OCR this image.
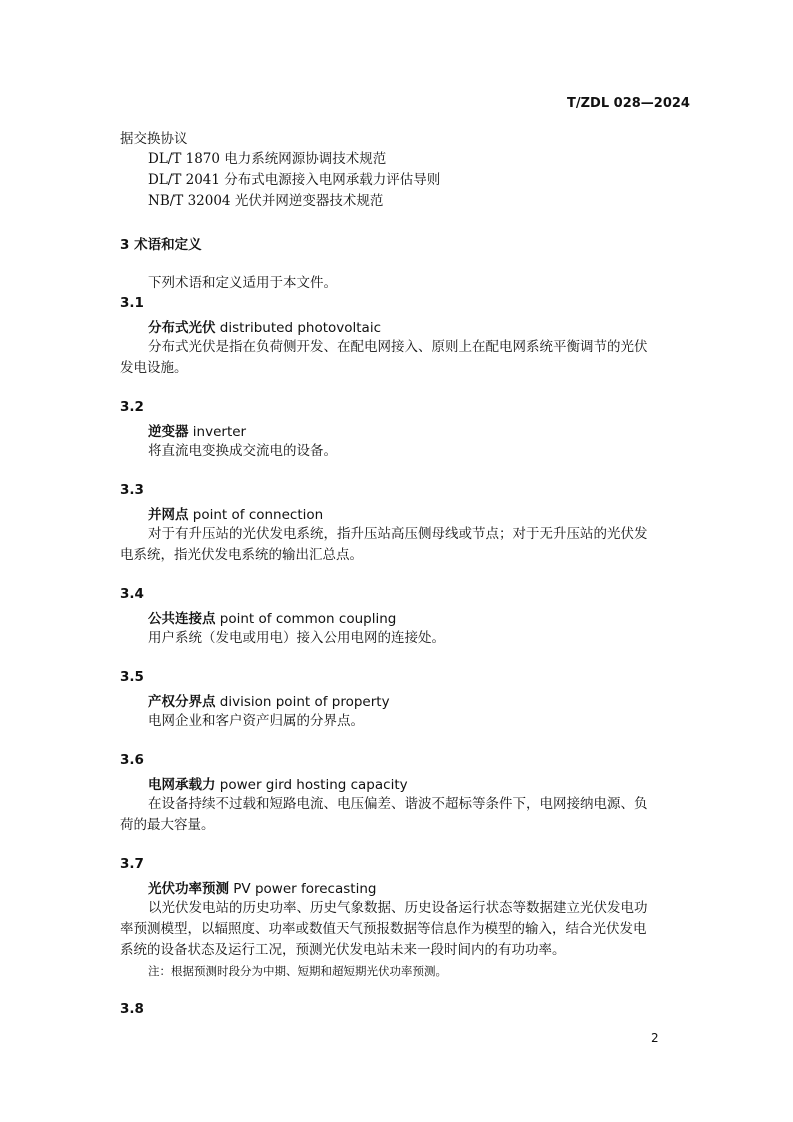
T/ZDL 028—2024
据交换协议
DL/T 1870 电力系统网源协调技术规范
DL/T 2041 分布式电源接入电网承载力评估导则
NB/T 32004 光伏并网逆变器技术规范
3 术语和定义
下列术语和定义适用于本文件。
3.1
分布式光伏 distributed photovoltaic
分布式光伏是指在负荷侧开发、在配电网接入、原则上在配电网系统平衡调节的光伏
发电设施。
3.2
逆变器 inverter
将直流电变换成交流电的设备。
3.3
并网点 point of connection
对于有升压站的光伏发电系统，指升压站高压侧母线或节点；对于无升压站的光伏发
电系统，指光伏发电系统的输出汇总点。
3.4
公共连接点 point of common coupling
用户系统（发电或用电）接入公用电网的连接处。
3.5
产权分界点 division point of property
电网企业和客户资产归属的分界点。
3.6
电网承载力 power gird hosting capacity
在设备持续不过载和短路电流、电压偏差、谐波不超标等条件下，电网接纳电源、负
荷的最大容量。
3.7
光伏功率预测 PV power forecasting
以光伏发电站的历史功率、历史气象数据、历史设备运行状态等数据建立光伏发电功
率预测模型，以辐照度、功率或数值天气预报数据等信息作为模型的输入，结合光伏发电
系统的设备状态及运行工况，预测光伏发电站未来一段时间内的有功功率。
注：根据预测时段分为中期、短期和超短期光伏功率预测。
3.8
2
